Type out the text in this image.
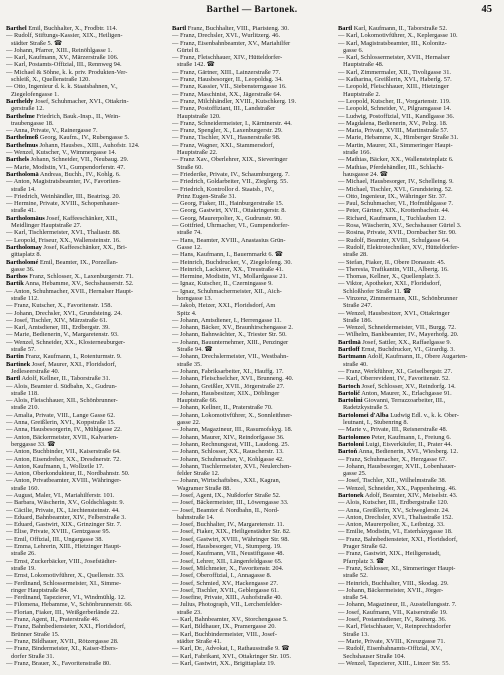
Barthel — Bartonek.	45
Barthel Emil, Buchhalter, X., Frodbtr. 114.
— Rudolf, Stiftungs-Kassier, XIX., Heiligen-
städter Straße 5. ☎
— Johann, Pfarrer, XIII., Reinöhlgasse 1.
— Karl, Kaufmann, XV., Märzerstraße 106.
— Karl, Postamts-Offizial, III., Rennweg 94.
— Michael & Söhne, k. k. priv. Produkten-Ver-
schleiß, X., Quellenstraße 120.
— Otto, Ingenieur d. k. k. Staatsbahnen, V.,
Ziegelofengasse 1.
Bartheldy Josef, Schuhmacher, XVI., Ottakrin-
gerstraße 12.
Barthelme Friedrich, Bauk.-Insp., II., Wein-
traubengasse 18.
— Anna, Private, V., Rainergasse 7.
Barthelmeß Georg, Kaufm., IV., Rubengasse 5.
Barthelmus Johann, Hausbes., XIII., Auhofstr. 124.
— Wenzel, Kutscher, V., Wimmergasse 14.
Barthels Johann, Schneider, VII., Neubaug. 29.
— Marie, Modistin, VI., Gumpendorferstr. 47.
Bartholomä Andreas, Buchh., IV., Kohlg. 6.
— Anton, Magistratsbeamter, IV., Favoriten-
straße 14.
— Friedrich, Weinhändler, III., Beatrixg. 20.
— Hermine, Private, XVIII., Schopenhauer-
straße 41.
Bartholomäus Josef, Kaffeeschänker, XII.,
Meidlinger Hauptstraße 27.
— Karl, Tischlermeister, XVI., Thaliastr. 88.
— Leopold, Friseur, XX., Wallensteinstr. 16.
Bartholomay Josef, Kaffeeschänker, XX., Bri-
gittaplatz 8.
Bartholomé Emil, Beamter, IX., Porzellan-
gasse 36.
Barthos Franz, Schlosser, X., Laxenburgerstr. 71.
Bartik Anna, Hebamme, XV., Sechshauserstr. 52.
— Anton, Schuhmacher, XVII., Hernalser Haupt-
straße 112.
— Franz, Kutscher, X., Favoritenstr. 158.
— Johann, Drechsler, XVI., Grundsteing. 24.
— Josef, Tischler, XIV., Märzstraße 61.
— Karl, Amtsdiener, III., Erdbergstr. 39.
— Marie, Bedienerin, V., Margaretenstr. 93.
— Wenzel, Schneider, XX., Klosterneuburger-
straße 57.
Bartin Franz, Kaufmann, I., Rotenturmstr. 9.
Bartinek Josef, Maurer, XXI., Floridsdorf,
Jedleseerstraße 40.
Bartl Adolf, Kellner, II., Taborstraße 31.
— Alois, Beamter d. Südbahn, X., Gudrun-
straße 118.
— Alois, Fleischhauer, XII., Schönbrunner-
straße 210.
— Amalia, Private, VIII., Lange Gasse 62.
— Anna, Greißlerin, XVI., Koppstraße 15.
— Anna, Hausbesorgerin, IV., Mühlgasse 22.
— Anton, Bäckermeister, XVII., Kalvarien-
berggasse 33. ☎
— Anton, Buchbinder, VII., Kaiserstraße 64.
— Anton, Eisendreher, XX., Dresdnerstr. 72.
— Anton, Kaufmann, I., Wollzeile 17.
— Anton, Oberkondukteur, II., Nordbahnstr. 50.
— Anton, Privatbeamter, XVIII., Währinger-
straße 160.
— August, Maler, VI., Mariahilferstr. 101.
— Barbara, Wäscherin, XV., Goldschlagstr. 9.
— Cäcilie, Private, IX., Liechtensteinstr. 44.
— Eduard, Bahnbeamter, XIV., Felberstraße 3.
— Eduard, Gastwirt, XIX., Grinzinger Str. 7.
— Elise, Private, XVIII., Gentzgasse 95.
— Emil, Offizial, III., Ungargasse 38.
— Emma, Lehrerin, XIII., Hietzinger Haupt-
straße 26.
— Ernst, Zuckerbäcker, VIII., Josefstädter-
straße 19.
— Ernst, Lokomotivführer, X., Quellenstr. 33.
— Ferdinand, Schlossermeister, XI., Simme-
ringer Hauptstraße 84.
— Ferdinand, Tapezierer, VI., Windmühlg. 12.
— Filomena, Hebamme, V., Schönbrunnerstr. 66.
— Florian, Fiaker, III., Weißgerberlände 22.
— Franz, Agent, II., Praterstraße 46.
— Franz, Bahnbediensteter, XXI., Floridsdorf,
Brünner Straße 15.
— Franz, Bildhauer, XVII., Rötzergasse 28.
— Franz, Bindermeister, XI., Kaiser-Ebers-
dorfer Straße 31.
— Franz, Brauer, X., Favoritenstraße 80.
Bartl Franz, Buchhalter, VIII., Piaristeng. 30.
— Franz, Drechsler, XVI., Wurlitzerg. 46.
— Franz, Eisenbahnbeamter, XV., Mariahilfer
Gürtel 8.
— Franz, Fleischhauer, XIV., Hütteldorfer-
straße 142. ☎
— Franz, Gärtner, XIII., Lainzerstraße 77.
— Franz, Hausbesorger, II., Leopoldsg. 34.
— Franz, Kassier, VII., Siebensterngasse 16.
— Franz, Maschinist, XX., Jägerstraße 64.
— Franz, Milchhändler, XVIII., Kutschkerg. 19.
— Franz, Postoffiziant, III., Landstraßer
Hauptstraße 120.
— Franz, Schneidermeister, I., Kärntnerstr. 44.
— Franz, Spengler, X., Laxenburgerstr. 29.
— Franz, Tischler, XVI., Hasnerstraße 98.
— Franz, Wagner, XXI., Stammersdorf,
Hauptstraße 22.
— Franz Xav., Oberlehrer, XIX., Sieveringer
Straße 60.
— Friederike, Private, IV., Schaumburgerg. 7.
— Friedrich, Goldarbeiter, VII., Zieglerg. 55.
— Friedrich, Kontrollor d. Staatsb., IV.,
Prinz Eugen-Straße 31.
— Georg, Fiaker, III., Hainburgerstraße 15.
— Georg, Gastwirt, XVII., Ottakringerstr. 8.
— Georg, Maurerpolier, X., Gudrunstr. 90.
— Gottfried, Uhrmacher, VI., Gumpendorfer-
straße 74.
— Hans, Beamter, XVIII., Anastasius Grün-
Gasse 12.
— Hans, Kaufmann, I., Bauernmarkt 6. ☎
— Heinrich, Buchdrucker, V., Ziegelofeng. 30.
— Heinrich, Lackierer, XX., Treustraße 41.
— Hermine, Modistin, VI., Mollardgasse 21.
— Ignaz, Kutscher, II., Czerningasse 9.
— Ignaz, Schuhmachermeister, XII., Aich-
horngasse 13.
— Jakob, Heizer, XXI., Floridsdorf, Am
Spitz 4.
— Johann, Amtsdiener, I., Herrengasse 11.
— Johann, Bäcker, XV., Braunhirschengasse 2.
— Johann, Bahnwächter, X., Triester Str. 50.
— Johann, Bauunternehmer, XIII., Penzinger
Straße 94. ☎
— Johann, Drechslermeister, VII., Westbahn-
straße 35.
— Johann, Fabriksarbeiter, XI., Hauffg. 17.
— Johann, Fleischselcher, XVI., Brunneng. 40.
— Johann, Greißler, XVII., Jörgerstraße 27.
— Johann, Hausbesitzer, XIX., Döblinger
Hauptstraße 66.
— Johann, Kellner, II., Praterstraße 70.
— Johann, Lokomotivführer, X., Sonnleithner-
gasse 22.
— Johann, Magazineur, III., Rasumofskyg. 18.
— Johann, Maurer, XIV., Reindorfgasse 36.
— Johann, Rechnungsrat, VIII., Laudong. 25.
— Johann, Schlosser, XX., Rauscherstr. 13.
— Johann, Schuhmacher, V., Kohlgasse 42.
— Johann, Tischlermeister, XVI., Neulerchen-
felder Straße 12.
— Johann, Wirtschaftsbes., XXI., Kagran,
Wagramer Straße 88.
— Josef, Agent, IX., Nußdorfer Straße 52.
— Josef, Bäckermeister, III., Löwengasse 33.
— Josef, Beamter d. Nordbahn, II., Nord-
bahnstraße 14.
— Josef, Buchhalter, IV., Margaretenstr. 11.
— Josef, Fiaker, XIX., Heiligenstädter Str. 82.
— Josef, Gastwirt, XVIII., Währinger Str. 98.
— Josef, Hausbesorger, VI., Stumperg. 19.
— Josef, Kaufmann, VII., Neustiftgasse 48.
— Josef, Lehrer, XII., Längenfeldgasse 65.
— Josef, Milchmeier, X., Favoritenstr. 204.
— Josef, Oberoffizial, I., Annagasse 8.
— Josef, Schmied, XV., Hackengasse 27.
— Josef, Tischler, XVII., Geblergasse 61.
— Josefine, Private, XIII., Auhofstraße 40.
— Julius, Photograph, VII., Lerchenfelder-
straße 23.
— Karl, Bahnbeamter, XV., Storchengasse 5.
— Karl, Bildhauer, IX., Pramergasse 20.
— Karl, Buchbindermeister, VIII., Josef-
städter Straße 41.
— Karl, Dr., Advokat, I., Rathausstraße 9. ☎
— Karl, Fabrikant, XVI., Ottakringer Str. 105.
— Karl, Gastwirt, XX., Brigittaplatz 19.
Bartl Karl, Kaufmann, II., Taborstraße 52.
— Karl, Lokomotivführer, X., Keplergasse 10.
— Karl, Magistratsbeamter, III., Kolonitz-
gasse 6.
— Karl, Schlossermeister, XVII., Hernalser
Hauptstraße 48.
— Karl, Zimmermaler, XII., Tivoligasse 31.
— Katharina, Greißlerin, XVI., Haberlg. 57.
— Leopold, Fleischhauer, XIII., Hietzinger
Hauptstraße 2.
— Leopold, Kutscher, II., Vorgartenstr. 119.
— Leopold, Schneider, V., Pilgramgasse 14.
— Ludwig, Postoffizial, VII., Kandlgasse 36.
— Magdalena, Bedienerin, XV., Pelzg. 18.
— Maria, Private, XVIII., Martinstraße 57.
— Marie, Hebamme, X., Himberger Straße 31.
— Martin, Maurer, XI., Simmeringer Haupt-
straße 166.
— Mathias, Bäcker, XX., Wallensteinplatz 6.
— Mathias, Pferdehändler, III., Schlacht-
hausgasse 24. ☎
— Michael, Hausbesorger, IV., Schelleing. 9.
— Michael, Tischler, XVI., Grundsteing. 52.
— Otto, Ingenieur, IX., Währinger Str. 37.
— Paul, Schuhmacher, VI., Hofmühlgasse 7.
— Peter, Gärtner, XIX., Krottenbachstr. 44.
— Richard, Kaufmann, I., Tuchlauben 12.
— Rosa, Wäscherin, XV., Sechshauser Gürtel 3.
— Rosina, Private, XVII., Dornbacher Str. 90.
— Rudolf, Beamter, XVIII., Schulgasse 64.
— Rudolf, Elektrotechniker, XV., Hütteldorfer-
straße 28.
— Stefan, Fiaker, II., Obere Donaustr. 45.
— Theresia, Trafikantin, VIII., Albertg. 16.
— Thomas, Kellner, X., Quellenplatz 3.
— Viktor, Apotheker, XXI., Floridsdorf,
Schloßhofer Straße 11. ☎
— Vinzenz, Zimmermann, XII., Schönbrunner
Straße 247.
— Wenzel, Hausbesitzer, XVI., Ottakringer
Straße 186.
— Wenzel, Schneidermeister, VII., Burgg. 72.
— Wilhelm, Bankbeamter, IV., Mayerhofg. 20.
Bartlmä Josef, Sattler, XX., Raffaelgasse 9.
Bartloff Ernst, Buchdrucker, VI., Girardig. 3.
Bartmann Adolf, Kaufmann, II., Obere Augarten-
straße 40.
— Franz, Werkführer, XI., Geiselbergstr. 27.
— Karl, Oberrevident, IV., Favoritenstr. 52.
Bartoch Josef, Schlosser, XV., Reindorfg. 14.
Bartolič Anton, Maurer, X., Erlachgasse 91.
Bartolini Giovanni, Terrazzoarbeiter, III.,
Radetzkystraße 5.
Bartolomei d'Alba Ludwig Edl. v., k. k. Ober-
leutnant, I., Stubenring 8.
— Marie v., Private, III., Reisnerstraße 48.
Bartolomeo Peter, Kaufmann, I., Freiung 6.
Bartoloni Luigi, Eisverkäufer, II., Prater 44.
Bartoň Anna, Bedienerin, XVI., Wiesberg. 12.
— Franz, Schuhmacher, X., Herzgasse 67.
— Johann, Hausbesorger, XVII., Lobenhauer-
gasse 25.
— Josef, Tischler, XII., Wilhelmstraße 38.
— Wenzel, Schneider, XX., Pappenheimg. 46.
Bartonek Adolf, Beamter, XIV., Meiselstr. 43.
— Alois, Kutscher, III., Erdbergstraße 120.
— Anna, Greißlerin, XV., Schweglerstr. 24.
— Anton, Drechsler, XVI., Thaliastraße 152.
— Anton, Maurerpolier, X., Leibnizg. 33.
— Emilie, Modistin, VI., Esterházygasse 18.
— Franz, Bahnbediensteter, XXI., Floridsdorf,
Prager Straße 62.
— Franz, Gastwirt, XIX., Heiligenstadt,
Pfarrplatz 3. ☎
— Franz, Schlosser, XI., Simmeringer Haupt-
straße 52.
— Heinrich, Buchhalter, VIII., Skodag. 29.
— Johann, Bäckermeister, XVII., Jörger-
straße 54.
— Johann, Magazineur, II., Ausstellungsstr. 7.
— Josef, Kaufmann, VII., Kaiserstraße 19.
— Josef, Postamtsdiener, IV., Rainerg. 36.
— Karl, Fleischhauer, V., Reinprechtsdorfer
Straße 13.
— Marie, Private, XVIII., Kreuzgasse 71.
— Rudolf, Eisenbahnamts-Offizial, XV.,
Sechshauser Straße 104.
— Wenzel, Tapezierer, XIII., Linzer Str. 55.
